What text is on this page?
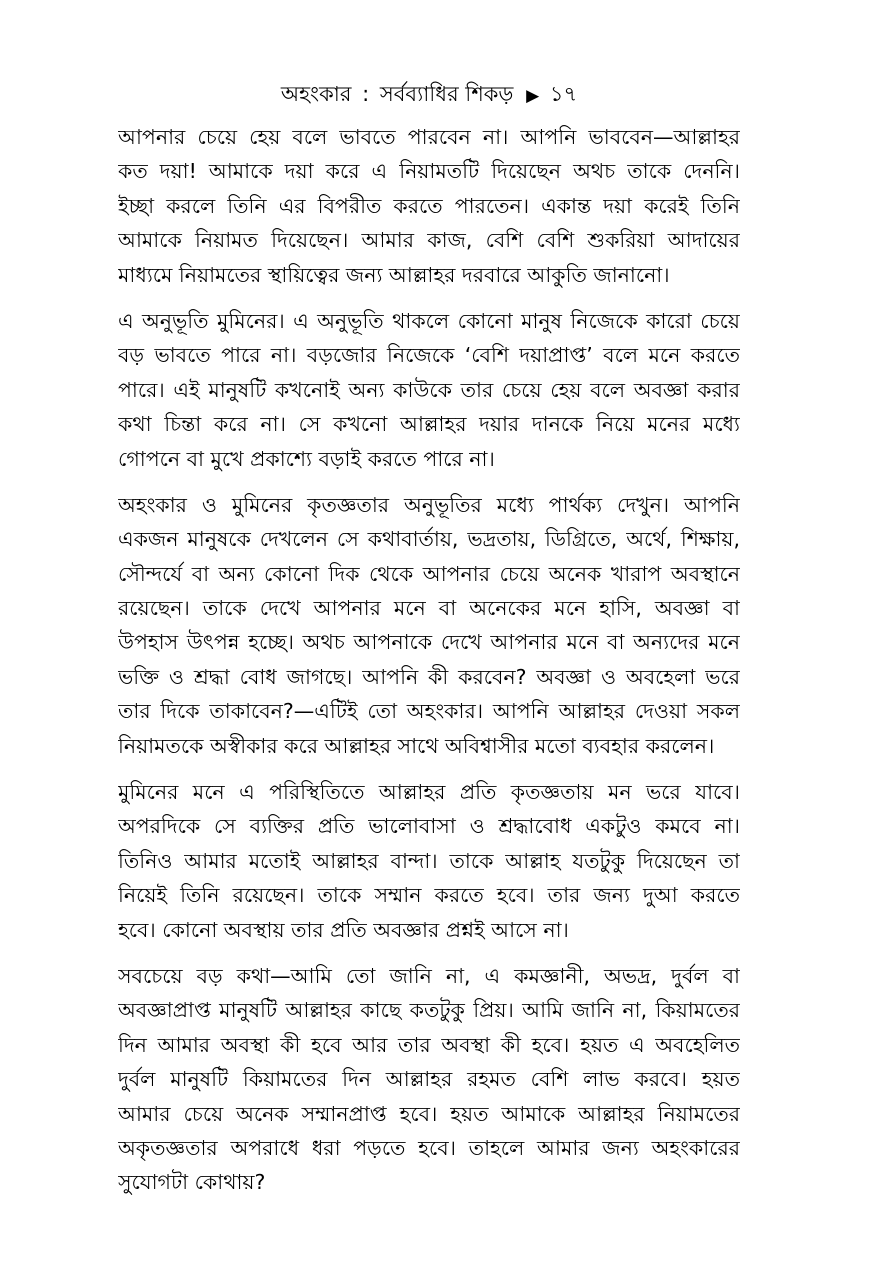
অহংকার : সর্বব্যাধির শিকড় ▶ ১৭
আপনার চেয়ে হেয় বলে ভাবতে পারবেন না। আপনি ভাববেন—আল্লাহর
কত দয়া! আমাকে দয়া করে এ নিয়ামতটি দিয়েছেন অথচ তাকে দেননি।
ইচ্ছা করলে তিনি এর বিপরীত করতে পারতেন। একান্ত দয়া করেই তিনি
আমাকে নিয়ামত দিয়েছেন। আমার কাজ, বেশি বেশি শুকরিয়া আদায়ের
মাধ্যমে নিয়ামতের স্থায়িত্বের জন্য আল্লাহর দরবারে আকুতি জানানো।
এ অনুভূতি মুমিনের। এ অনুভূতি থাকলে কোনো মানুষ নিজেকে কারো চেয়ে
বড় ভাবতে পারে না। বড়জোর নিজেকে ‘বেশি দয়াপ্রাপ্ত’ বলে মনে করতে
পারে। এই মানুষটি কখনোই অন্য কাউকে তার চেয়ে হেয় বলে অবজ্ঞা করার
কথা চিন্তা করে না। সে কখনো আল্লাহর দয়ার দানকে নিয়ে মনের মধ্যে
গোপনে বা মুখে প্রকাশ্যে বড়াই করতে পারে না।
অহংকার ও মুমিনের কৃতজ্ঞতার অনুভূতির মধ্যে পার্থক্য দেখুন। আপনি
একজন মানুষকে দেখলেন সে কথাবার্তায়, ভদ্রতায়, ডিগ্রিতে, অর্থে, শিক্ষায়,
সৌন্দর্যে বা অন্য কোনো দিক থেকে আপনার চেয়ে অনেক খারাপ অবস্থানে
রয়েছেন। তাকে দেখে আপনার মনে বা অনেকের মনে হাসি, অবজ্ঞা বা
উপহাস উৎপন্ন হচ্ছে। অথচ আপনাকে দেখে আপনার মনে বা অন্যদের মনে
ভক্তি ও শ্রদ্ধা বোধ জাগছে। আপনি কী করবেন? অবজ্ঞা ও অবহেলা ভরে
তার দিকে তাকাবেন?—এটিই তো অহংকার। আপনি আল্লাহর দেওয়া সকল
নিয়ামতকে অস্বীকার করে আল্লাহর সাথে অবিশ্বাসীর মতো ব্যবহার করলেন।
মুমিনের মনে এ পরিস্থিতিতে আল্লাহর প্রতি কৃতজ্ঞতায় মন ভরে যাবে।
অপরদিকে সে ব্যক্তির প্রতি ভালোবাসা ও শ্রদ্ধাবোধ একটুও কমবে না।
তিনিও আমার মতোই আল্লাহর বান্দা। তাকে আল্লাহ যতটুকু দিয়েছেন তা
নিয়েই তিনি রয়েছেন। তাকে সম্মান করতে হবে। তার জন্য দুআ করতে
হবে। কোনো অবস্থায় তার প্রতি অবজ্ঞার প্রশ্নই আসে না।
সবচেয়ে বড় কথা—আমি তো জানি না, এ কমজ্ঞানী, অভদ্র, দুর্বল বা
অবজ্ঞাপ্রাপ্ত মানুষটি আল্লাহর কাছে কতটুকু প্রিয়। আমি জানি না, কিয়ামতের
দিন আমার অবস্থা কী হবে আর তার অবস্থা কী হবে। হয়ত এ অবহেলিত
দুর্বল মানুষটি কিয়ামতের দিন আল্লাহর রহমত বেশি লাভ করবে। হয়ত
আমার চেয়ে অনেক সম্মানপ্রাপ্ত হবে। হয়ত আমাকে আল্লাহর নিয়ামতের
অকৃতজ্ঞতার অপরাধে ধরা পড়তে হবে। তাহলে আমার জন্য অহংকারের
সুযোগটা কোথায়?
